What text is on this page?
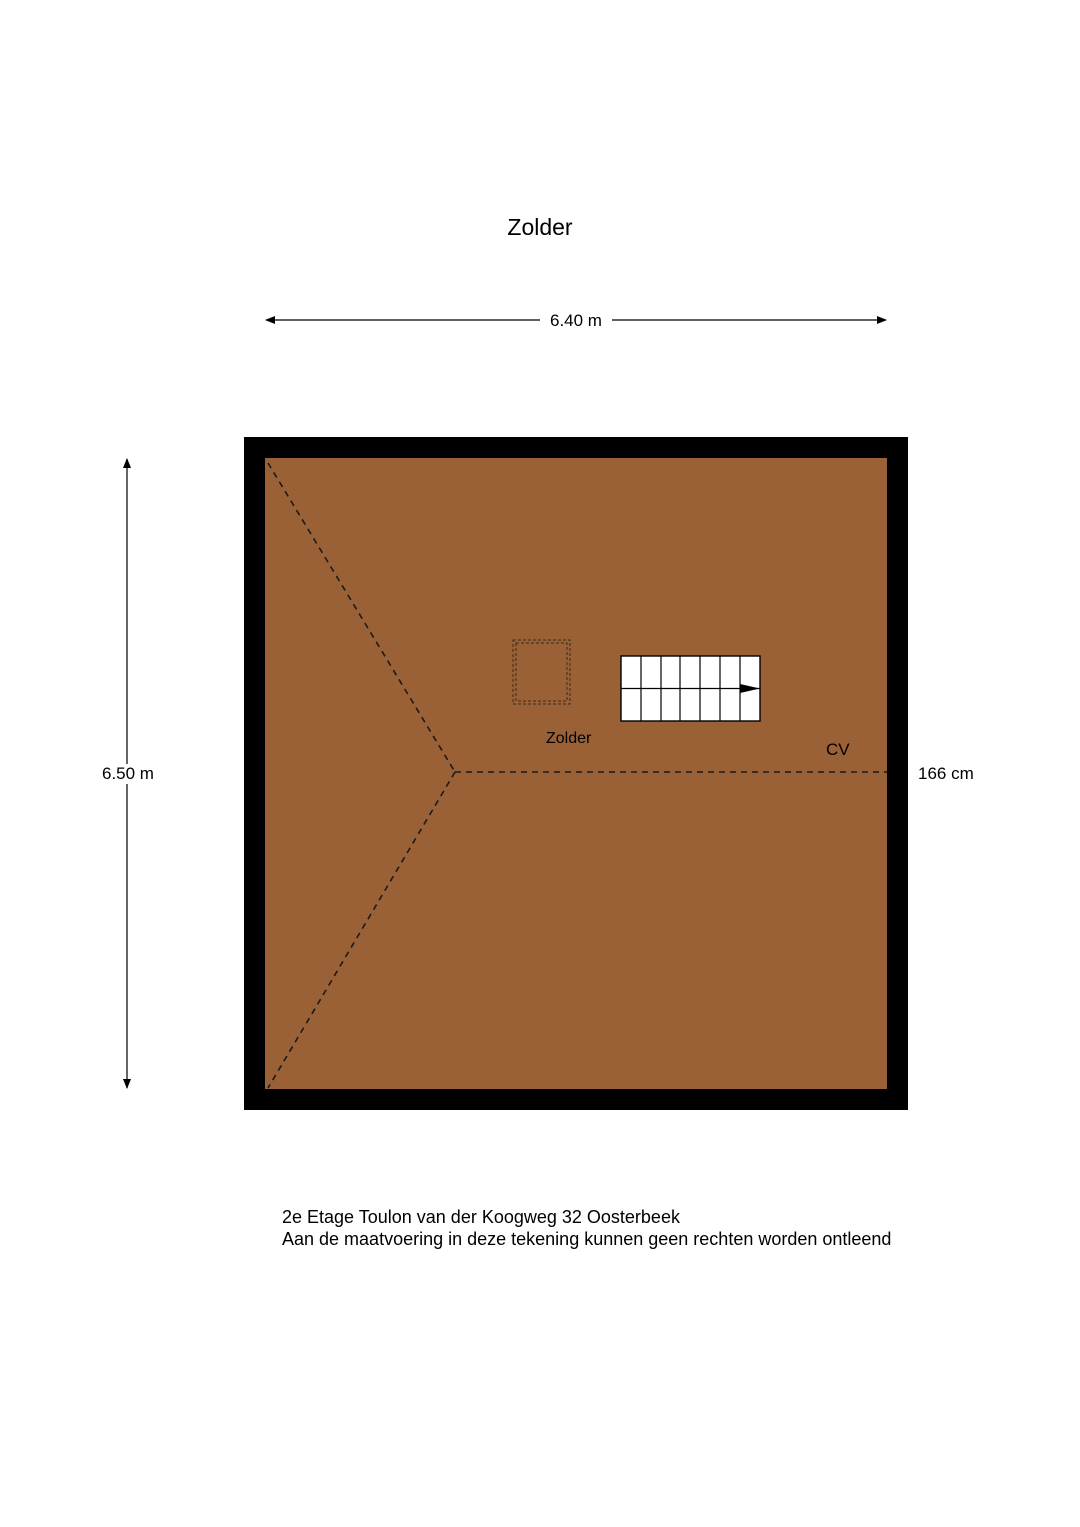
Zolder
6.40 m
6.50 m	166 cm
Zolder
CV
2e Etage Toulon van der Koogweg 32 Oosterbeek
Aan de maatvoering in deze tekening kunnen geen rechten worden ontleend
